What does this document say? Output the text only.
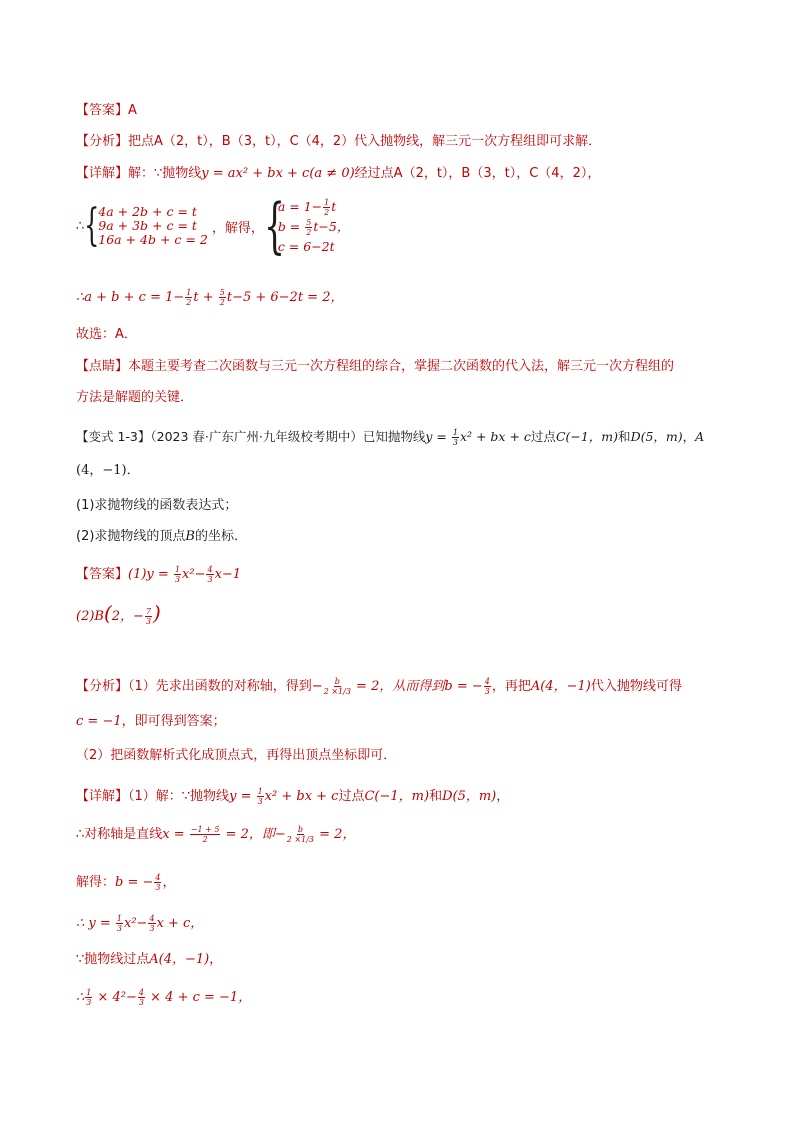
【答案】A
【分析】把点A（2，t），B（3，t），C（4，2）代入抛物线，解三元一次方程组即可求解．
【详解】解：∵抛物线y = ax² + bx + c(a ≠ 0)经过点A（2，t），B（3，t），C（4，2），
∴ {
4a + 2b + c = t
9a + 3b + c = t
16a + 4b + c = 2
，解得， {
$a = 1- \frac{1}{2}$ t
$b = \frac{5}{2} t-5$，
c = 6−2t
∴a + $b + c = 1- \frac{1}{2}$ $t + \frac{5}{2} t-5 + 6-2t = 2$，
故选：A．
【点睛】本题主要考查二次函数与三元一次方程组的综合，掌握二次函数的代入法，解三元一次方程组的
方法是解题的关键．
【变式 1-3】（2023 春·广东广州·九年级校考期中）已知抛物线$y = \frac{1}{3} x^2$ + bx + c过点C(−1，m)和D(5，m)，A
(4，−1)．
(1)求抛物线的函数表达式；
(2)求抛物线的顶点B的坐标．
【答案】$(1)y = \frac{1}{3} x^2- \frac{4}{3} x-1$
(2)B(2，− $\frac{7}{3}$ )
【分析】（1）先求出函数的对称轴，得到− $\frac{b}{2 \times 1/3} = 2$，从而得到b = − $\frac{4}{3}$ ，再把A(4，−1)代入抛物线可得
c = −1，即可得到答案；
（2）把函数解析式化成顶点式，再得出顶点坐标即可．
【详解】（1）解：∵抛物线$y = \frac{1}{3} x^2$ + bx + c过点C(−1，m)和D(5，m)，
∴对称轴是直线$x = \frac{-1 + 5}{2} = 2$，即− $\frac{b}{2 \times 1/3} = 2$，
解得：b = − $\frac{4}{3}$ ，
∴ $y = \frac{1}{3} x^2- \frac{4}{3}$ x + c，
∵抛物线过点A(4，−1)，
∴ $\frac{1}{3} \times 4^2- \frac{4}{3} \times 4 + c = -1$，
